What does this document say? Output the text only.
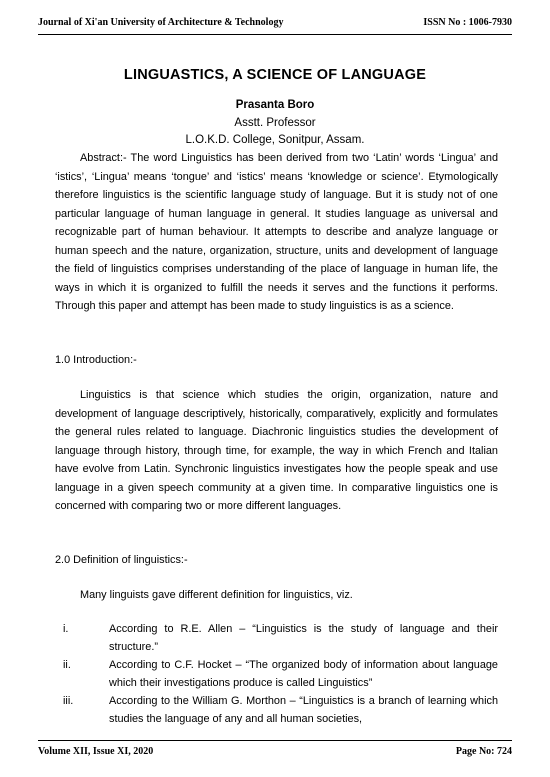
Journal of Xi'an University of Architecture & Technology	ISSN No : 1006-7930
LINGUASTICS, A SCIENCE OF LANGUAGE
Prasanta Boro
Asstt. Professor
L.O.K.D. College, Sonitpur, Assam.
Abstract:- The word Linguistics has been derived from two ‘Latin’ words ‘Lingua’ and ‘istics’, ‘Lingua’ means ‘tongue’ and ‘istics’ means ‘knowledge or science’. Etymologically therefore linguistics is the scientific language study of language. But it is study not of one particular language of human language in general. It studies language as universal and recognizable part of human behaviour. It attempts to describe and analyze language or human speech and the nature, organization, structure, units and development of language the field of linguistics comprises understanding of the place of language in human life, the ways in which it is organized to fulfill the needs it serves and the functions it performs. Through this paper and attempt has been made to study linguistics is as a science.
1.0 Introduction:-
Linguistics is that science which studies the origin, organization, nature and development of language descriptively, historically, comparatively, explicitly and formulates the general rules related to language. Diachronic linguistics studies the development of language through history, through time, for example, the way in which French and Italian have evolve from Latin. Synchronic linguistics investigates how the people speak and use language in a given speech community at a given time. In comparative linguistics one is concerned with comparing two or more different languages.
2.0 Definition of linguistics:-
Many linguists gave different definition for linguistics, viz.
i.	According to R.E. Allen – “Linguistics is the study of language and their structure.”
ii.	According to C.F. Hocket – “The organized body of information about language which their investigations produce is called Linguistics”
iii.	According to the William G. Morthon – “Linguistics is a branch of learning which studies the language of any and all human societies,
Volume XII, Issue XI, 2020	Page No: 724
